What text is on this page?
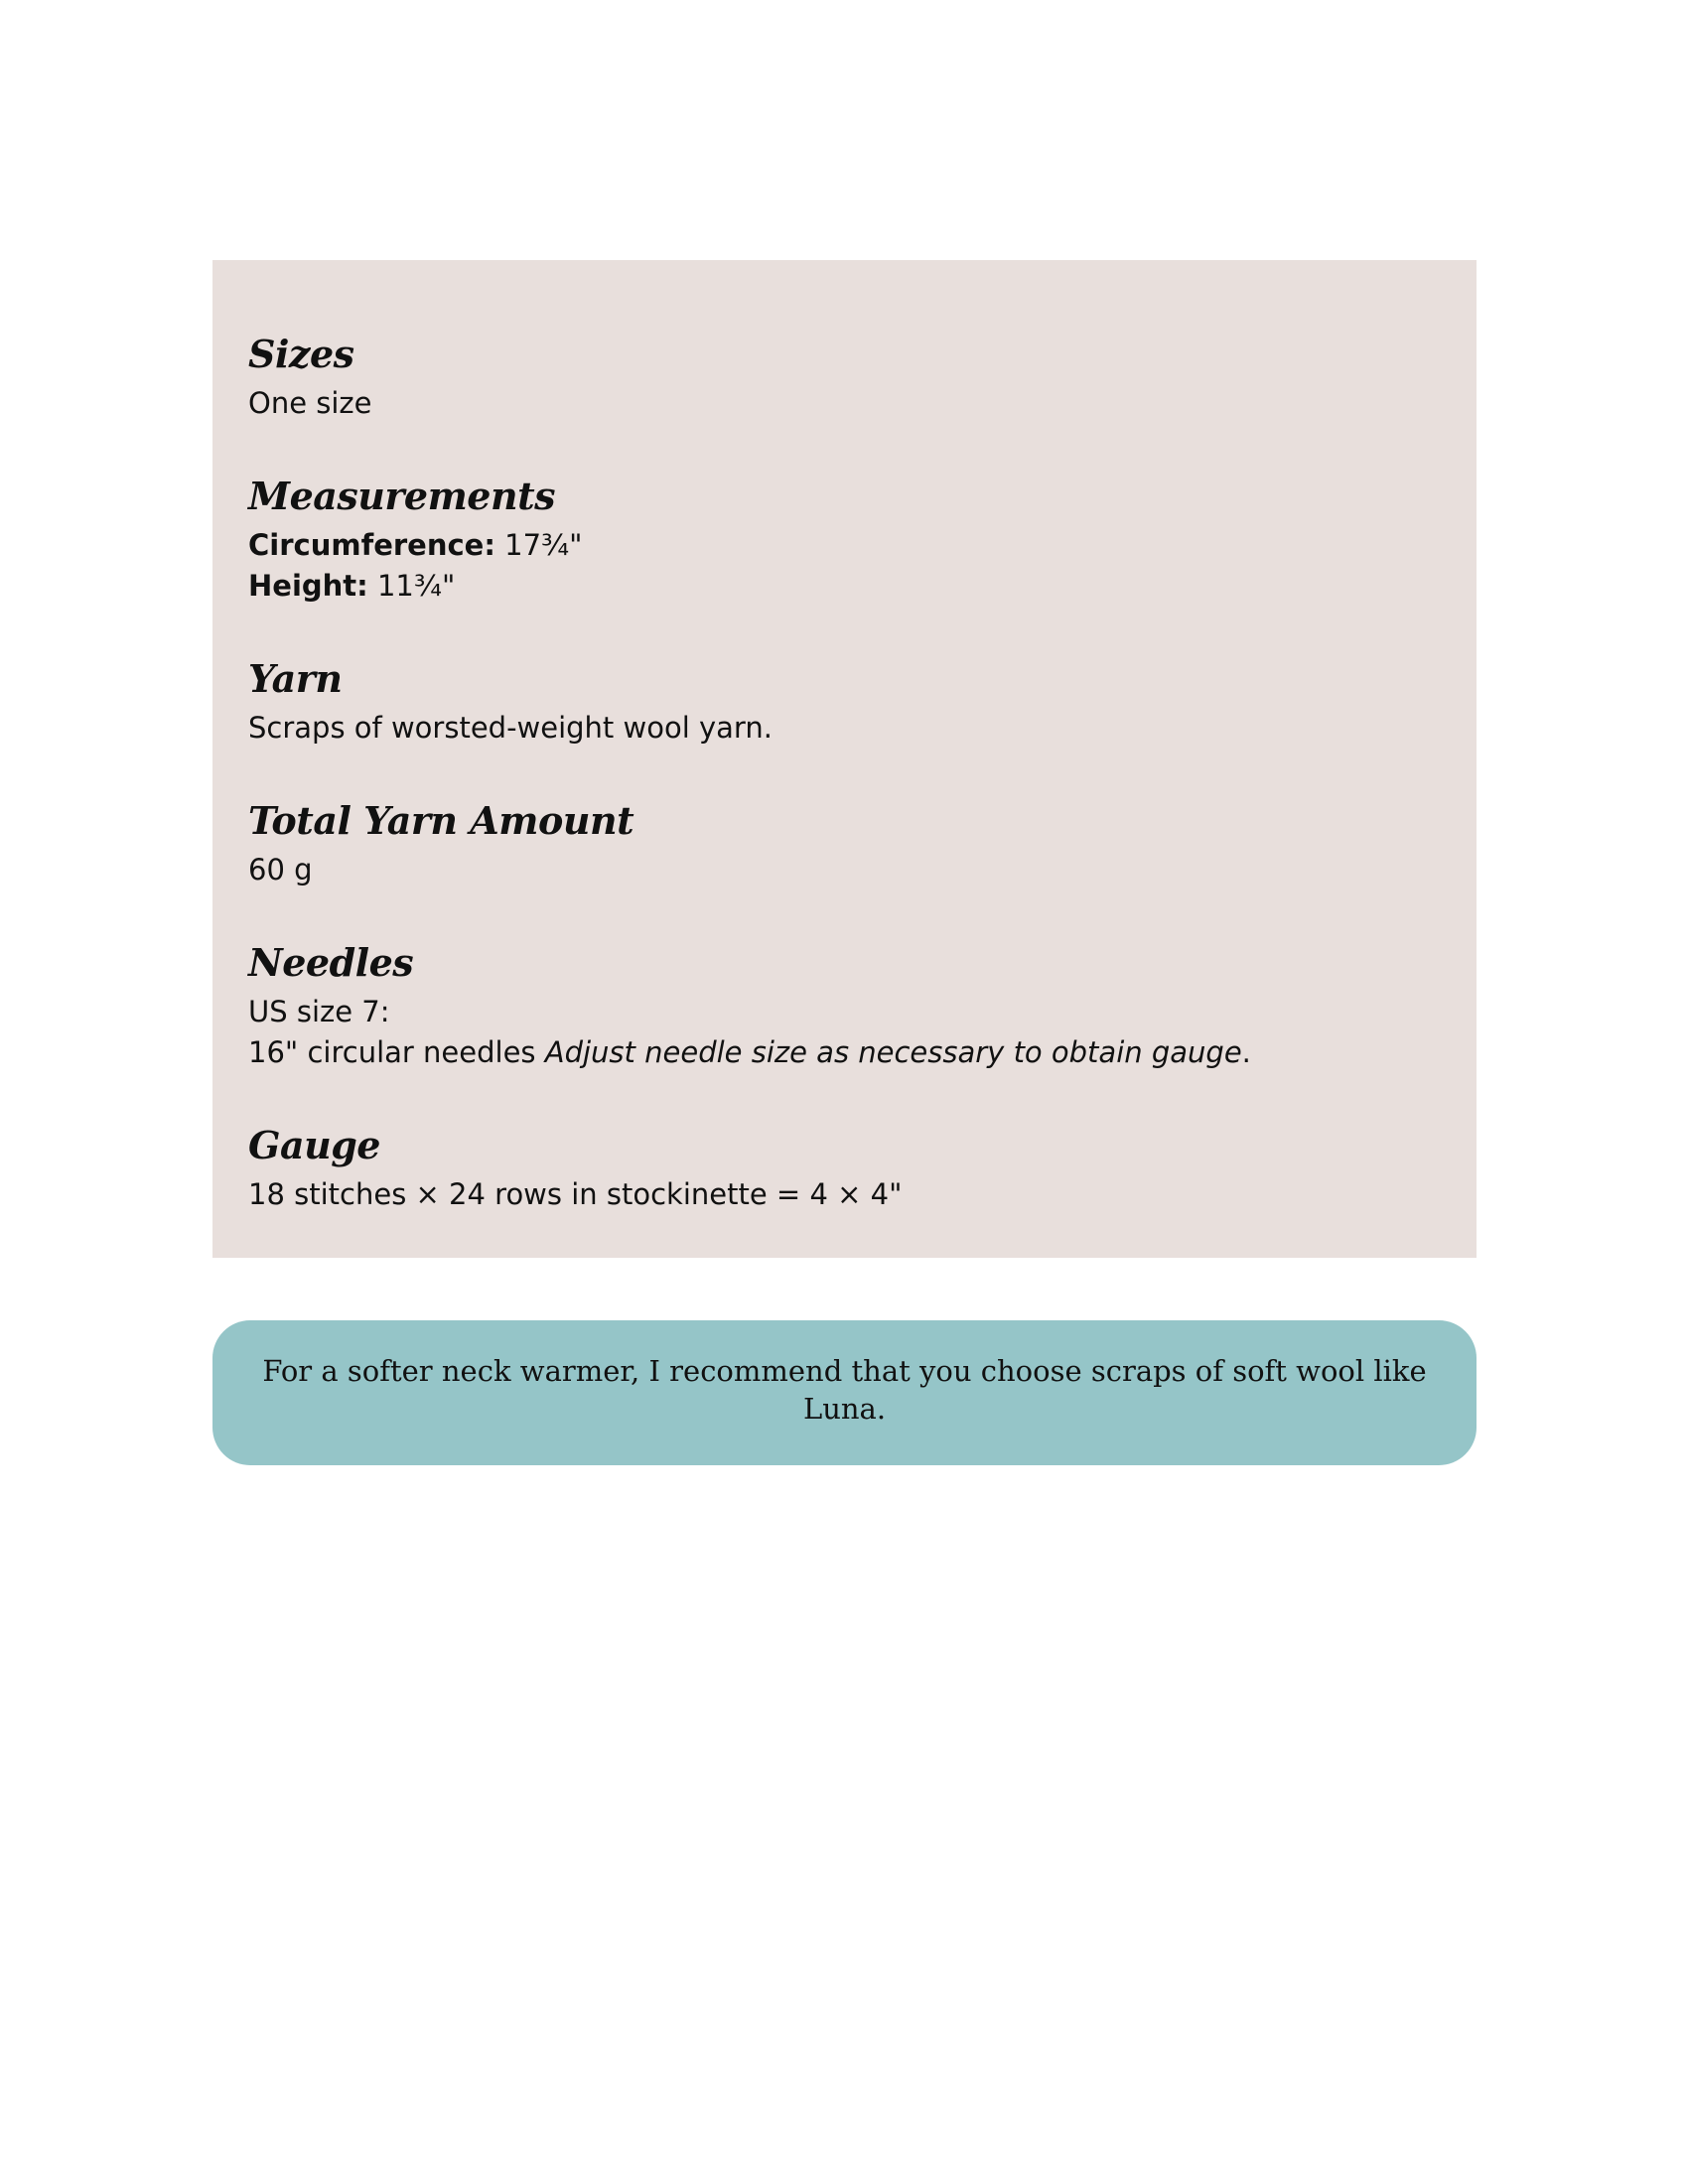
Sizes

One size

Measurements

Circumference: 17¾"

Height: 11¾"

Yarn

Scraps of worsted-weight wool yarn.

Total Yarn Amount

60 g

Needles

US size 7:

16" circular needles Adjust needle size as necessary to obtain gauge.

Gauge

18 stitches × 24 rows in stockinette = 4 × 4"

For a softer neck warmer, I recommend that you choose scraps of soft wool like Luna.
